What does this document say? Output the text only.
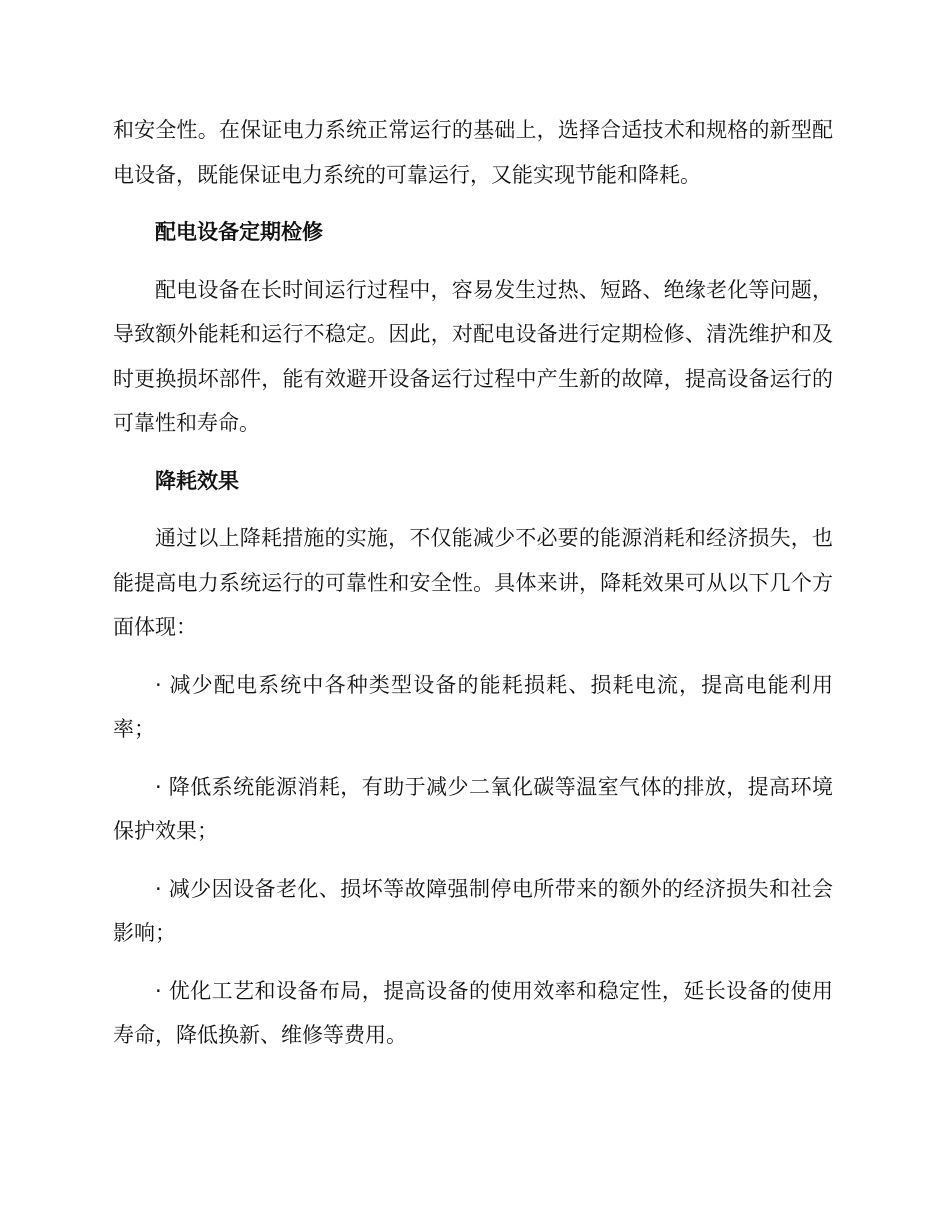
和安全性。在保证电力系统正常运行的基础上，选择合适技术和规格的新型配电设备，既能保证电力系统的可靠运行，又能实现节能和降耗。

配电设备定期检修

配电设备在长时间运行过程中，容易发生过热、短路、绝缘老化等问题，导致额外能耗和运行不稳定。因此，对配电设备进行定期检修、清洗维护和及时更换损坏部件，能有效避开设备运行过程中产生新的故障，提高设备运行的可靠性和寿命。

降耗效果

通过以上降耗措施的实施，不仅能减少不必要的能源消耗和经济损失，也能提高电力系统运行的可靠性和安全性。具体来讲，降耗效果可从以下几个方面体现：

· 减少配电系统中各种类型设备的能耗损耗、损耗电流，提高电能利用率；

· 降低系统能源消耗，有助于减少二氧化碳等温室气体的排放，提高环境保护效果；

· 减少因设备老化、损坏等故障强制停电所带来的额外的经济损失和社会影响；

· 优化工艺和设备布局，提高设备的使用效率和稳定性，延长设备的使用寿命，降低换新、维修等费用。
